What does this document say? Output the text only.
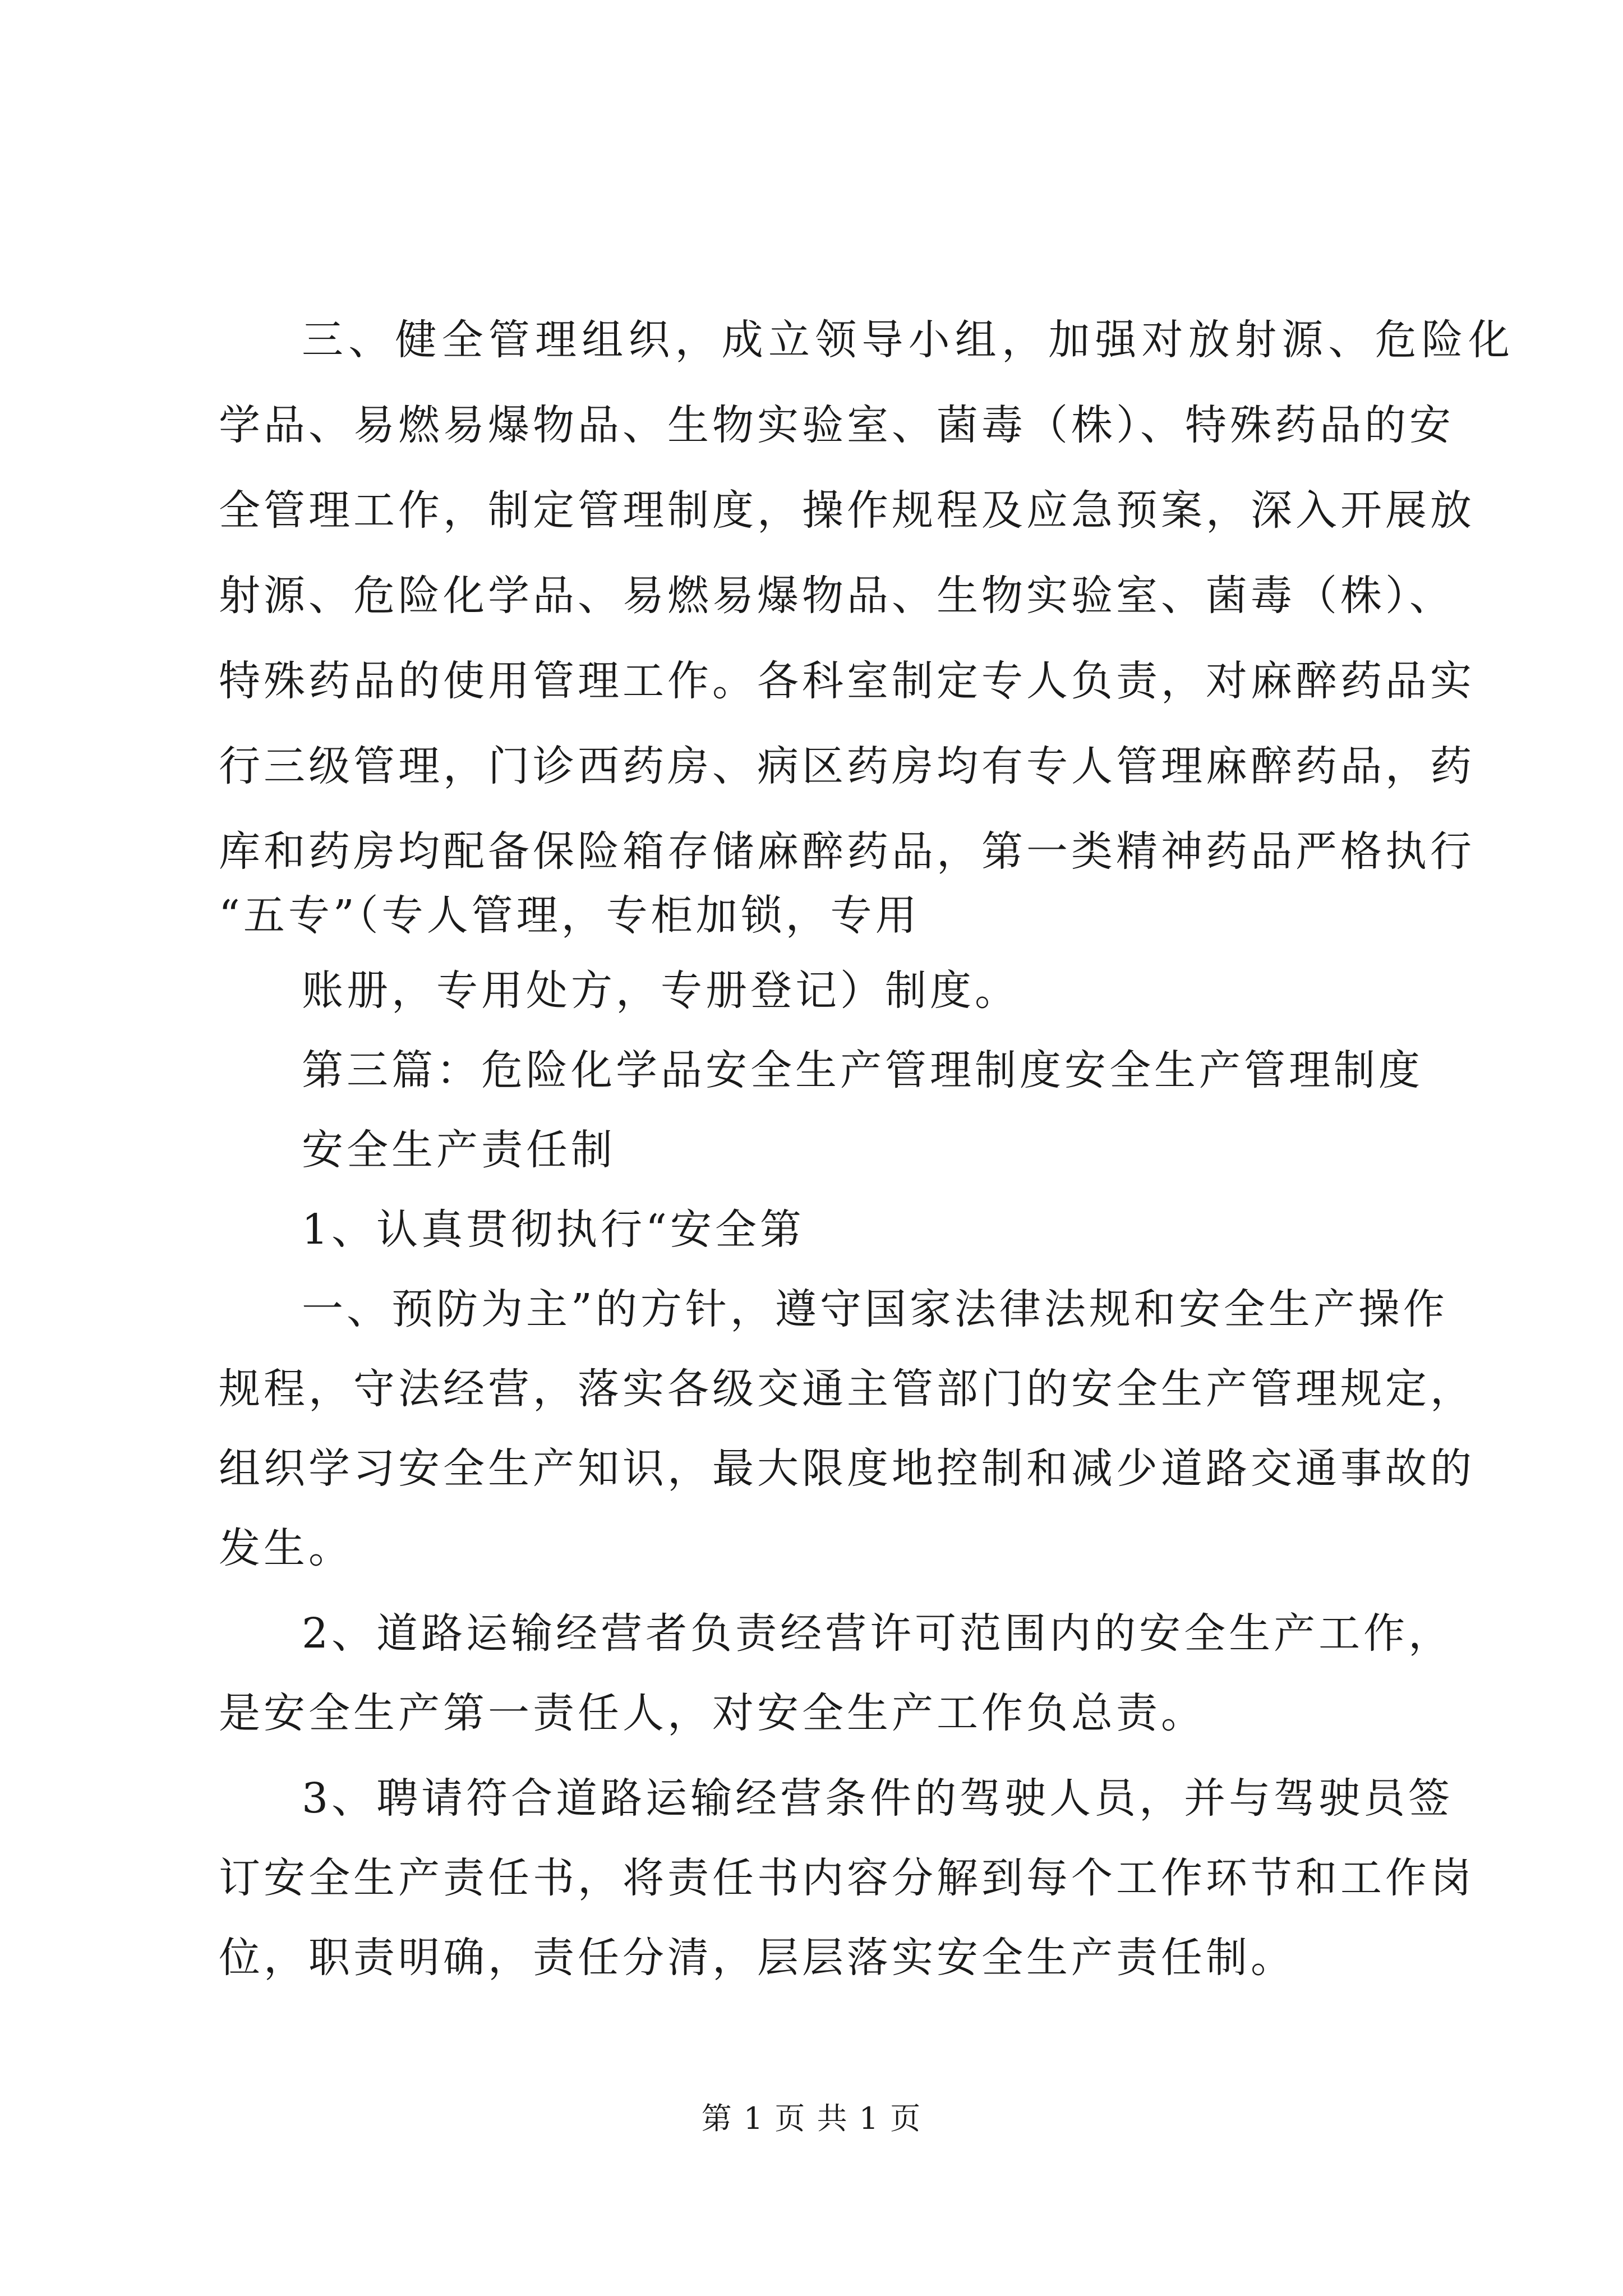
三、健全管理组织，成立领导小组，加强对放射源、危险化
学品、易燃易爆物品、生物实验室、菌毒（株）、特殊药品的安
全管理工作，制定管理制度，操作规程及应急预案，深入开展放
射源、危险化学品、易燃易爆物品、生物实验室、菌毒（株）、
特殊药品的使用管理工作。各科室制定专人负责，对麻醉药品实
行三级管理，门诊西药房、病区药房均有专人管理麻醉药品，药
库和药房均配备保险箱存储麻醉药品，第一类精神药品严格执行
“五专”（专人管理，专柜加锁，专用
账册，专用处方，专册登记）制度。
第三篇：危险化学品安全生产管理制度安全生产管理制度
安全生产责任制
1、认真贯彻执行“安全第
一、预防为主”的方针，遵守国家法律法规和安全生产操作
规程，守法经营，落实各级交通主管部门的安全生产管理规定，
组织学习安全生产知识，最大限度地控制和减少道路交通事故的
发生。
2、道路运输经营者负责经营许可范围内的安全生产工作，
是安全生产第一责任人，对安全生产工作负总责。
3、聘请符合道路运输经营条件的驾驶人员，并与驾驶员签
订安全生产责任书，将责任书内容分解到每个工作环节和工作岗
位，职责明确，责任分清，层层落实安全生产责任制。
第 1 页 共 1 页
